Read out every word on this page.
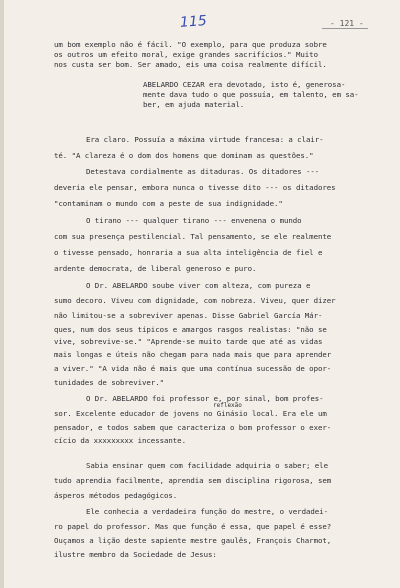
115	- 121 -
um bom exemplo não é fácil. "O exemplo, para que produza sobre
os outros um efeito moral, exige grandes sacrifícios." Muito
nos custa ser bom. Ser amado, eis uma coisa realmente difícil.
ABELARDO CEZAR era devotado, isto é, generosa-
mente dava tudo o que possuía, em talento, em sa-
ber, em ajuda material.
Era claro. Possuía a máxima virtude francesa: a clair-
té. "A clareza é o dom dos homens que dominam as questões."
Detestava cordialmente as ditaduras. Os ditadores ---
deveria ele pensar, embora nunca o tivesse dito --- os ditadores
"contaminam o mundo com a peste de sua indignidade."
O tirano --- qualquer tirano --- envenena o mundo
com sua presença pestilencial. Tal pensamento, se ele realmente
o tivesse pensado, honraria a sua alta inteligência de fiel e
ardente democrata, de liberal generoso e puro.
O Dr. ABELARDO soube viver com alteza, com pureza e
sumo decoro. Viveu com dignidade, com nobreza. Viveu, quer dizer
não limitou-se a sobreviver apenas. Disse Gabriel García Már-
ques, num dos seus típicos e amargos rasgos realistas: "não se
vive, sobrevive-se." "Aprende-se muito tarde que até as vidas
mais longas e úteis não chegam para nada mais que para aprender
a viver." "A vida não é mais que uma contínua sucessão de opor-
tunidades de sobreviver."
O Dr. ABELARDO foi professor e, por sinal, bom profes-
sor. Excelente educador de jovens no Ginásio local. Era ele um
pensador, e todos sabem que caracteriza o bom professor o exer-
reflexão
cício da xxxxxxxxx incessante.
Sabia ensinar quem com facilidade adquiria o saber; ele
tudo aprendia facilmente, aprendia sem disciplina rigorosa, sem
ásperos métodos pedagógicos.
Ele conhecia a verdadeira função do mestre, o verdadei-
ro papel do professor. Mas que função é essa, que papel é esse?
Ouçamos a lição deste sapiente mestre gaulês, François Charmot,
ilustre membro da Sociedade de Jesus:
